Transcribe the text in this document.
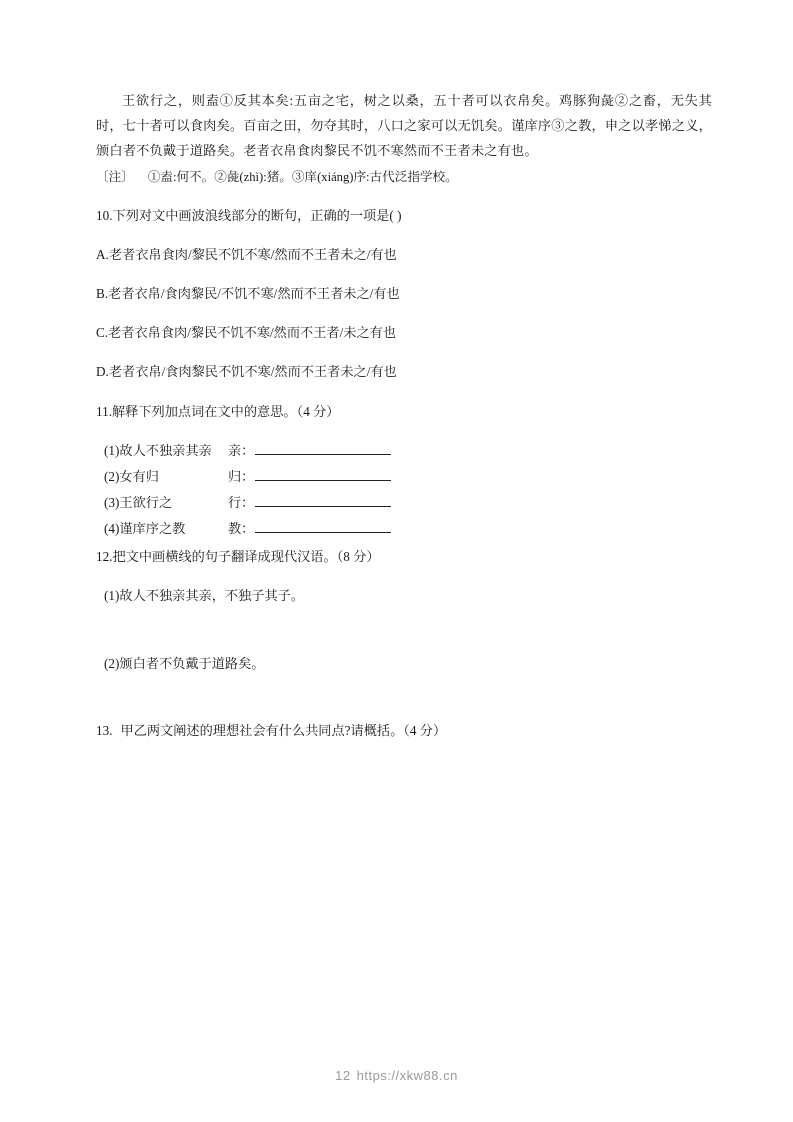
王欲行之，则盍①反其本矣:五亩之宅，树之以桑，五十者可以衣帛矣。鸡豚狗彘②之畜，无失其时，七十者可以食肉矣。百亩之田，勿夺其时，八口之家可以无饥矣。谨庠序③之教，申之以孝悌之义，颁白者不负戴于道路矣。老者衣帛食肉黎民不饥不寒然而不王者未之有也。

〔注〕 ①盍:何不。②彘(zhì):猪。③庠(xiáng)序:古代泛指学校。

10.下列对文中画波浪线部分的断句，正确的一项是( )

A.老者衣帛食肉/黎民不饥不寒/然而不王者未之/有也

B.老者衣帛/食肉黎民/不饥不寒/然而不王者未之/有也

C.老者衣帛食肉/黎民不饥不寒/然而不王者/未之有也

D.老者衣帛/食肉黎民不饥不寒/然而不王者未之/有也

11.解释下列加点词在文中的意思。（4 分）

(1)故人不独亲其亲	亲：
(2)女有归	归：
(3)王欲行之	行：
(4)谨庠序之教	教：

12.把文中画横线的句子翻译成现代汉语。（8 分）

(1)故人不独亲其亲，不独子其子。

(2)颁白者不负戴于道路矣。

13. 甲乙两文阐述的理想社会有什么共同点?请概括。（4 分）

12 https://xkw88.cn
